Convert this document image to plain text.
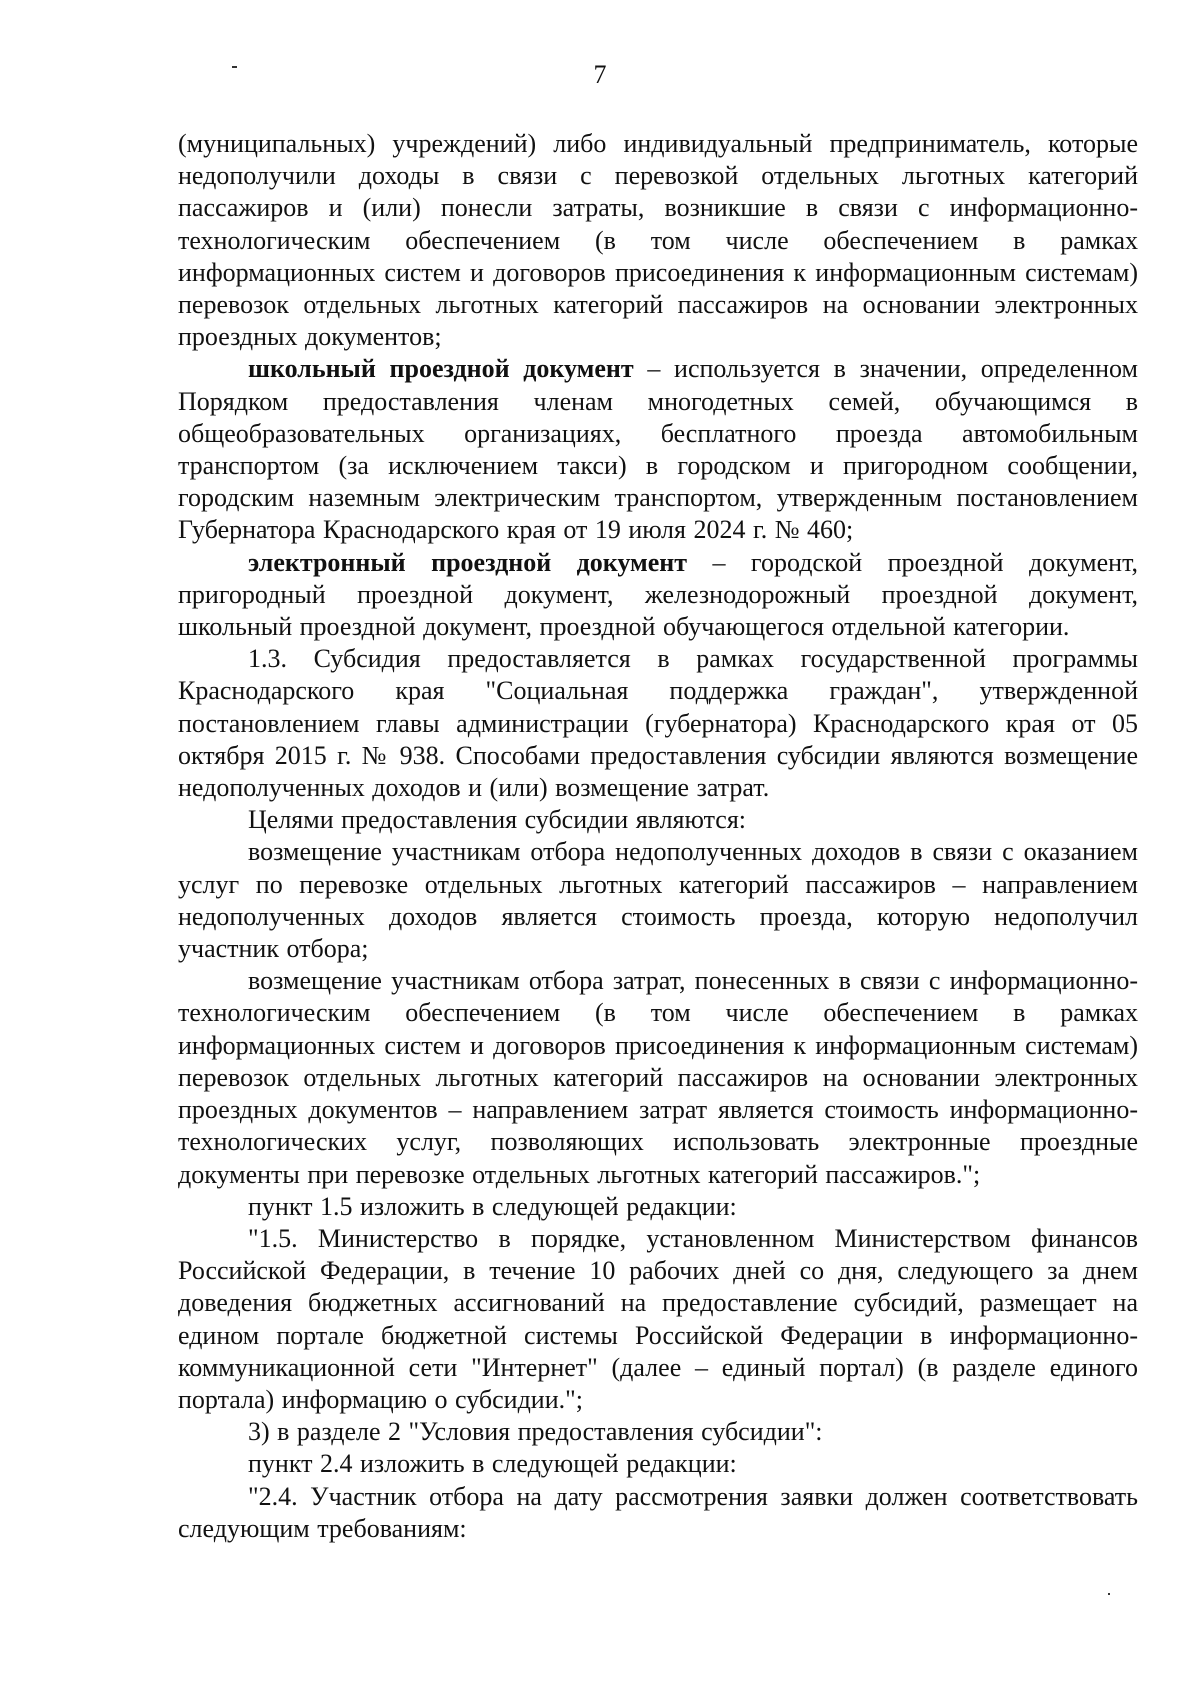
7

(муниципальных) учреждений) либо индивидуальный предприниматель, которые недополучили доходы в связи с перевозкой отдельных льготных категорий пассажиров и (или) понесли затраты, возникшие в связи с информационно-технологическим обеспечением (в том числе обеспечением в рамках информационных систем и договоров присоединения к информационным системам) перевозок отдельных льготных категорий пассажиров на основании электронных проездных документов;

школьный проездной документ – используется в значении, определенном Порядком предоставления членам многодетных семей, обучающимся в общеобразовательных организациях, бесплатного проезда автомобильным транспортом (за исключением такси) в городском и пригородном сообщении, городским наземным электрическим транспортом, утвержденным постановлением Губернатора Краснодарского края от 19 июля 2024 г. № 460;

электронный проездной документ – городской проездной документ, пригородный проездной документ, железнодорожный проездной документ, школьный проездной документ, проездной обучающегося отдельной категории.

1.3. Субсидия предоставляется в рамках государственной программы Краснодарского края "Социальная поддержка граждан", утвержденной постановлением главы администрации (губернатора) Краснодарского края от 05 октября 2015 г. № 938. Способами предоставления субсидии являются возмещение недополученных доходов и (или) возмещение затрат.

Целями предоставления субсидии являются:

возмещение участникам отбора недополученных доходов в связи с оказанием услуг по перевозке отдельных льготных категорий пассажиров – направлением недополученных доходов является стоимость проезда, которую недополучил участник отбора;

возмещение участникам отбора затрат, понесенных в связи с информационно-технологическим обеспечением (в том числе обеспечением в рамках информационных систем и договоров присоединения к информационным системам) перевозок отдельных льготных категорий пассажиров на основании электронных проездных документов – направлением затрат является стоимость информационно-технологических услуг, позволяющих использовать электронные проездные документы при перевозке отдельных льготных категорий пассажиров.";

пункт 1.5 изложить в следующей редакции:

"1.5. Министерство в порядке, установленном Министерством финансов Российской Федерации, в течение 10 рабочих дней со дня, следующего за днем доведения бюджетных ассигнований на предоставление субсидий, размещает на едином портале бюджетной системы Российской Федерации в информационно-коммуникационной сети "Интернет" (далее – единый портал) (в разделе единого портала) информацию о субсидии.";

3) в разделе 2 "Условия предоставления субсидии":

пункт 2.4 изложить в следующей редакции:

"2.4. Участник отбора на дату рассмотрения заявки должен соответствовать следующим требованиям:
